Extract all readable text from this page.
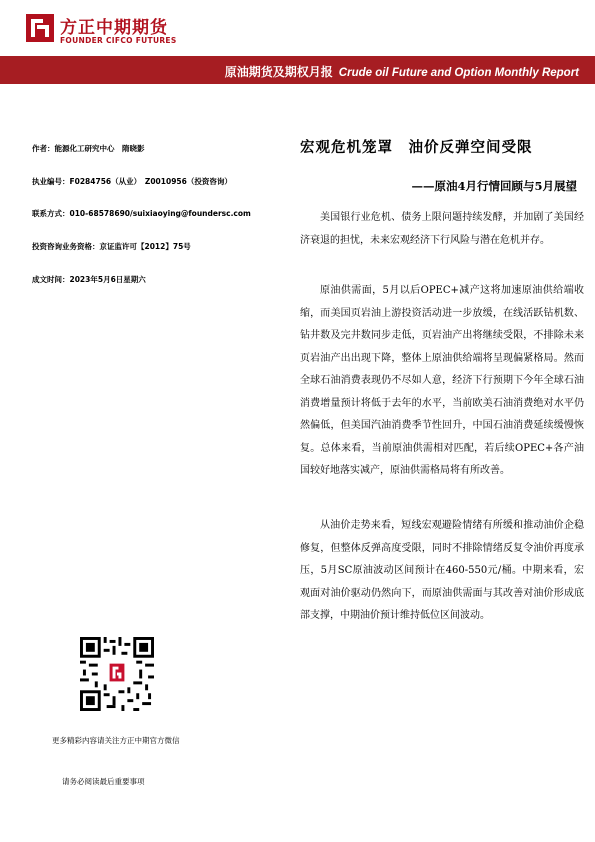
方正中期期货
FOUNDER CIFCO FUTURES
原油期货及期权月报 Crude oil Future and Option Monthly Report
作者：能源化工研究中心　隋晓影
执业编号：F0284756（从业）　Z0010956（投资咨询）
联系方式：010-68578690/suixiaoying@foundersc.com
投资咨询业务资格：京证监许可【2012】75号
成文时间：2023年5月6日星期六
宏观危机笼罩　油价反弹空间受限
——原油4月行情回顾与5月展望

美国银行业危机、债务上限问题持续发酵，并加剧了美国经济衰退的担忧，未来宏观经济下行风险与潜在危机并存。

原油供需面，5月以后OPEC+减产这将加速原油供给端收缩，而美国页岩油上游投资活动进一步放缓，在线活跃钻机数、钻井数及完井数同步走低，页岩油产出将继续受限，不排除未来页岩油产出出现下降，整体上原油供给端将呈现偏紧格局。然而全球石油消费表现仍不尽如人意，经济下行预期下今年全球石油消费增量预计将低于去年的水平，当前欧美石油消费绝对水平仍然偏低，但美国汽油消费季节性回升，中国石油消费延续缓慢恢复。总体来看，当前原油供需相对匹配，若后续OPEC+各产油国较好地落实减产，原油供需格局将有所改善。

从油价走势来看，短线宏观避险情绪有所缓和推动油价企稳修复，但整体反弹高度受限，同时不排除情绪反复令油价再度承压，5月SC原油波动区间预计在460-550元/桶。中期来看，宏观面对油价驱动仍然向下，而原油供需面与其改善对油价形成底部支撑，中期油价预计维持低位区间波动。

更多精彩内容请关注方正中期官方微信
请务必阅读最后重要事项
